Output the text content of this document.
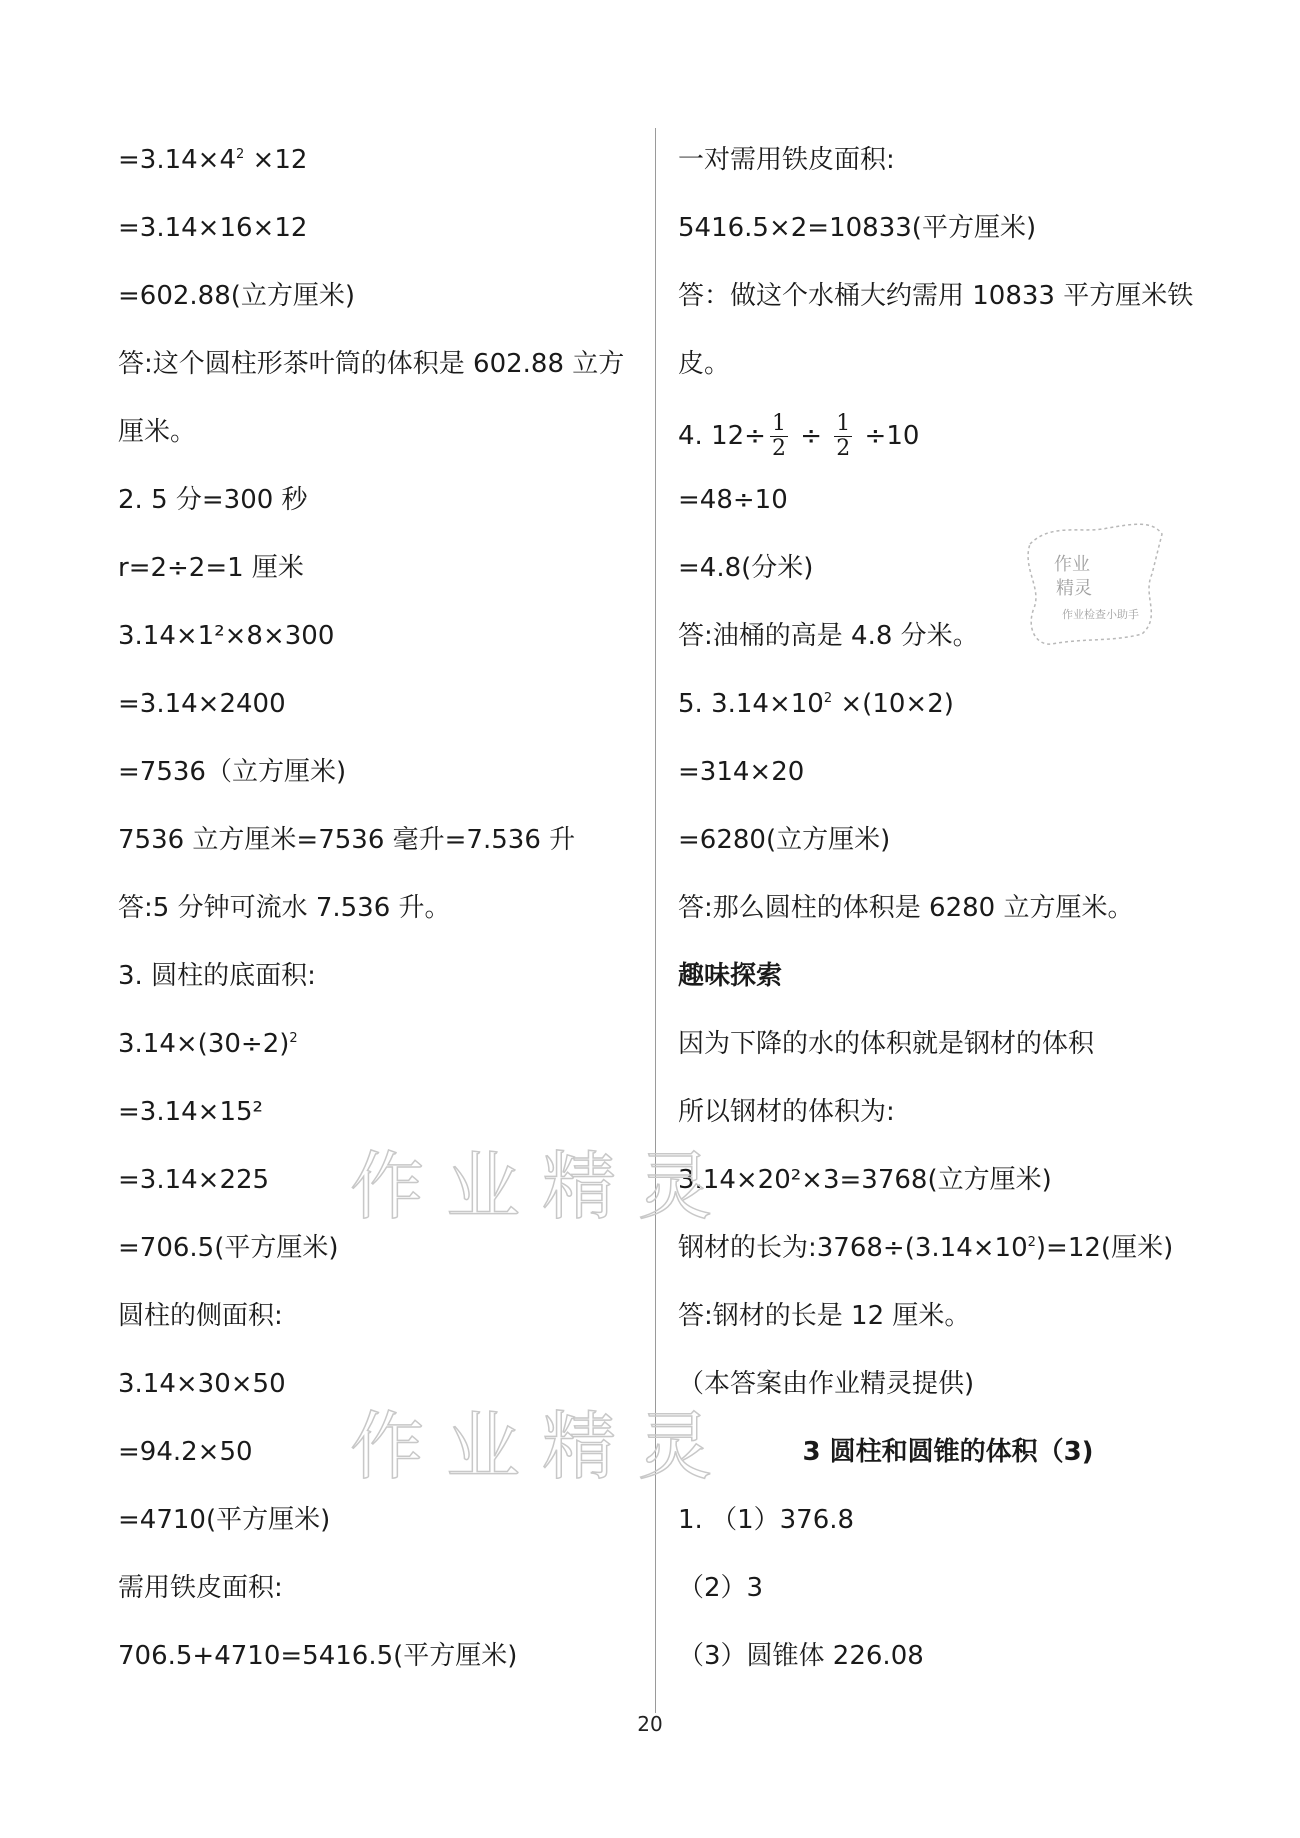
$=3.14\times 4^2 \times 12$
=3.14×16×12
=602.88(立方厘米)
答:这个圆柱形茶叶筒的体积是 602.88 立方
厘米。
2. 5 分=300 秒
r=2÷2=1 厘米
3.14×1²×8×300
=3.14×2400
=7536（立方厘米)
7536 立方厘米=7536 毫升=7.536 升
答:5 分钟可流水 7.536 升。
3. 圆柱的底面积:
$3.14\times(30\div 2)^2$
=3.14×15²
=3.14×225
=706.5(平方厘米)
圆柱的侧面积:
3.14×30×50
=94.2×50
=4710(平方厘米)
需用铁皮面积:
706.5+4710=5416.5(平方厘米)
一对需用铁皮面积:
5416.5×2=10833(平方厘米)
答：做这个水桶大约需用 10833 平方厘米铁
皮。
4. $12\div \frac{1}{2} \div \frac{1}{2} \div 10$
=48÷10
=4.8(分米)
答:油桶的高是 4.8 分米。
5. $3.14\times 10^2 \times(10\times 2)$
=314×20
=6280(立方厘米)
答:那么圆柱的体积是 6280 立方厘米。
趣味探索
因为下降的水的体积就是钢材的体积
所以钢材的体积为:
3.14×20²×3=3768(立方厘米)
钢材的长为$:3768\div(3.14\times 10^2)=12$(厘米)
答:钢材的长是 12 厘米。
（本答案由作业精灵提供)
3 圆柱和圆锥的体积（3)
1. （1）376.8
（2）3
（3）圆锥体 226.08
作业精灵
作业精灵
作业
精灵
作业检查小助手
20
